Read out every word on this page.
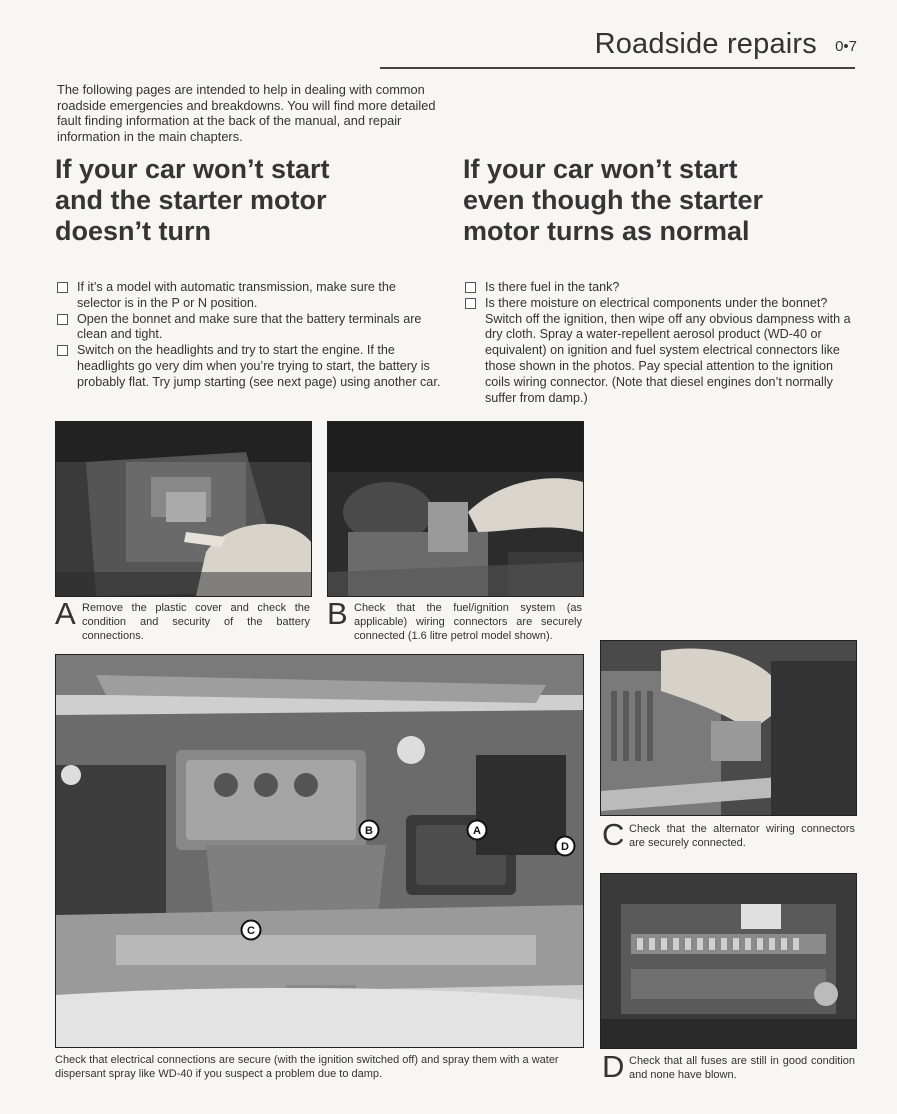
Roadside repairs 0•7
The following pages are intended to help in dealing with common roadside emergencies and breakdowns. You will find more detailed fault finding information at the back of the manual, and repair information in the main chapters.
If your car won’t start
and the starter motor
doesn’t turn
If your car won’t start
even though the starter
motor turns as normal
If it’s a model with automatic transmission, make sure the selector is in the P or N position.
Open the bonnet and make sure that the battery terminals are clean and tight.
Switch on the headlights and try to start the engine. If the headlights go very dim when you’re trying to start, the battery is probably flat. Try jump starting (see next page) using another car.
Is there fuel in the tank?
Is there moisture on electrical components under the bonnet? Switch off the ignition, then wipe off any obvious dampness with a dry cloth. Spray a water-repellent aerosol product (WD-40 or equivalent) on ignition and fuel system electrical connectors like those shown in the photos. Pay special attention to the ignition coils wiring connector. (Note that diesel engines don’t normally suffer from damp.)
A Remove the plastic cover and check the condition and security of the battery connections.
B Check that the fuel/ignition system (as applicable) wiring connectors are securely connected (1.6 litre petrol model shown).
B	A
D
C
Check that electrical connections are secure (with the ignition switched off) and spray them with a water dispersant spray like WD-40 if you suspect a problem due to damp.
C Check that the alternator wiring connectors are securely connected.
D Check that all fuses are still in good condition and none have blown.
